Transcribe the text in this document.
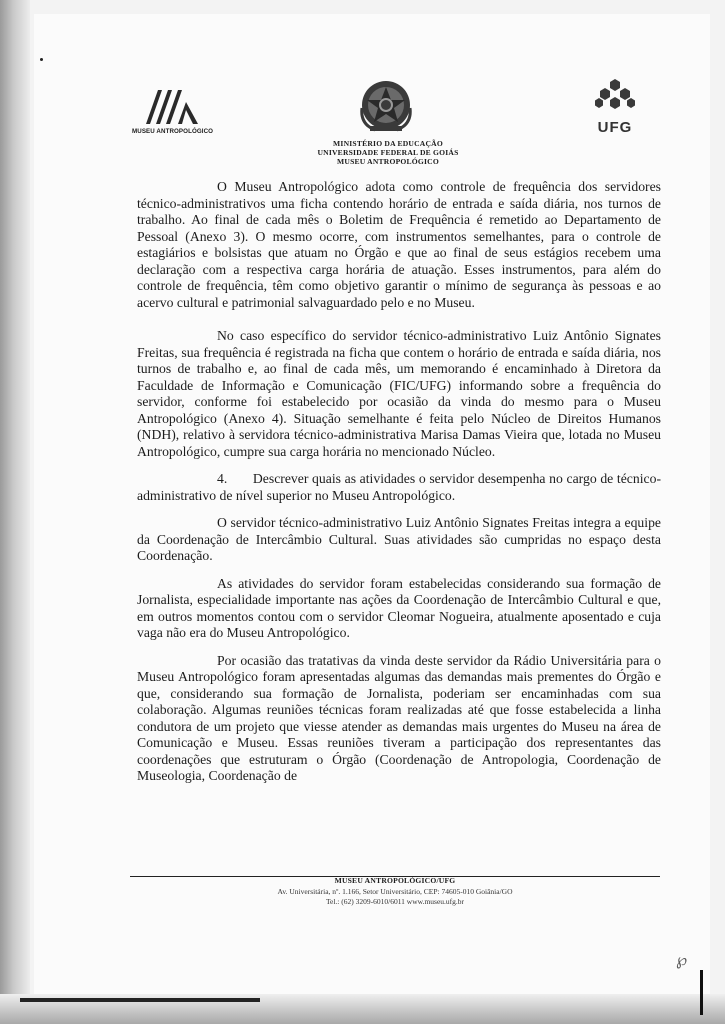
MUSEU ANTROPOLÓGICO
MINISTÉRIO DA EDUCAÇÃO
UNIVERSIDADE FEDERAL DE GOIÁS
MUSEU ANTROPOLÓGICO
UFG

O Museu Antropológico adota como controle de frequência dos servidores técnico-administrativos uma ficha contendo horário de entrada e saída diária, nos turnos de trabalho. Ao final de cada mês o Boletim de Frequência é remetido ao Departamento de Pessoal (Anexo 3). O mesmo ocorre, com instrumentos semelhantes, para o controle de estagiários e bolsistas que atuam no Órgão e que ao final de seus estágios recebem uma declaração com a respectiva carga horária de atuação. Esses instrumentos, para além do controle de frequência, têm como objetivo garantir o mínimo de segurança às pessoas e ao acervo cultural e patrimonial salvaguardado pelo e no Museu.

No caso específico do servidor técnico-administrativo Luiz Antônio Signates Freitas, sua frequência é registrada na ficha que contem o horário de entrada e saída diária, nos turnos de trabalho e, ao final de cada mês, um memorando é encaminhado à Diretora da Faculdade de Informação e Comunicação (FIC/UFG) informando sobre a frequência do servidor, conforme foi estabelecido por ocasião da vinda do mesmo para o Museu Antropológico (Anexo 4). Situação semelhante é feita pelo Núcleo de Direitos Humanos (NDH), relativo à servidora técnico-administrativa Marisa Damas Vieira que, lotada no Museu Antropológico, cumpre sua carga horária no mencionado Núcleo.

4. Descrever quais as atividades o servidor desempenha no cargo de técnico-administrativo de nível superior no Museu Antropológico.

O servidor técnico-administrativo Luiz Antônio Signates Freitas integra a equipe da Coordenação de Intercâmbio Cultural. Suas atividades são cumpridas no espaço desta Coordenação.

As atividades do servidor foram estabelecidas considerando sua formação de Jornalista, especialidade importante nas ações da Coordenação de Intercâmbio Cultural e que, em outros momentos contou com o servidor Cleomar Nogueira, atualmente aposentado e cuja vaga não era do Museu Antropológico.

Por ocasião das tratativas da vinda deste servidor da Rádio Universitária para o Museu Antropológico foram apresentadas algumas das demandas mais prementes do Órgão e que, considerando sua formação de Jornalista, poderiam ser encaminhadas com sua colaboração. Algumas reuniões técnicas foram realizadas até que fosse estabelecida a linha condutora de um projeto que viesse atender as demandas mais urgentes do Museu na área de Comunicação e Museu. Essas reuniões tiveram a participação dos representantes das coordenações que estruturam o Órgão (Coordenação de Antropologia, Coordenação de Museologia, Coordenação de

MUSEU ANTROPOLÓGICO/UFG
Av. Universitária, nº. 1.166, Setor Universitário, CEP: 74605-010 Goiânia/GO
Tel.: (62) 3209-6010/6011 www.museu.ufg.br
℘
